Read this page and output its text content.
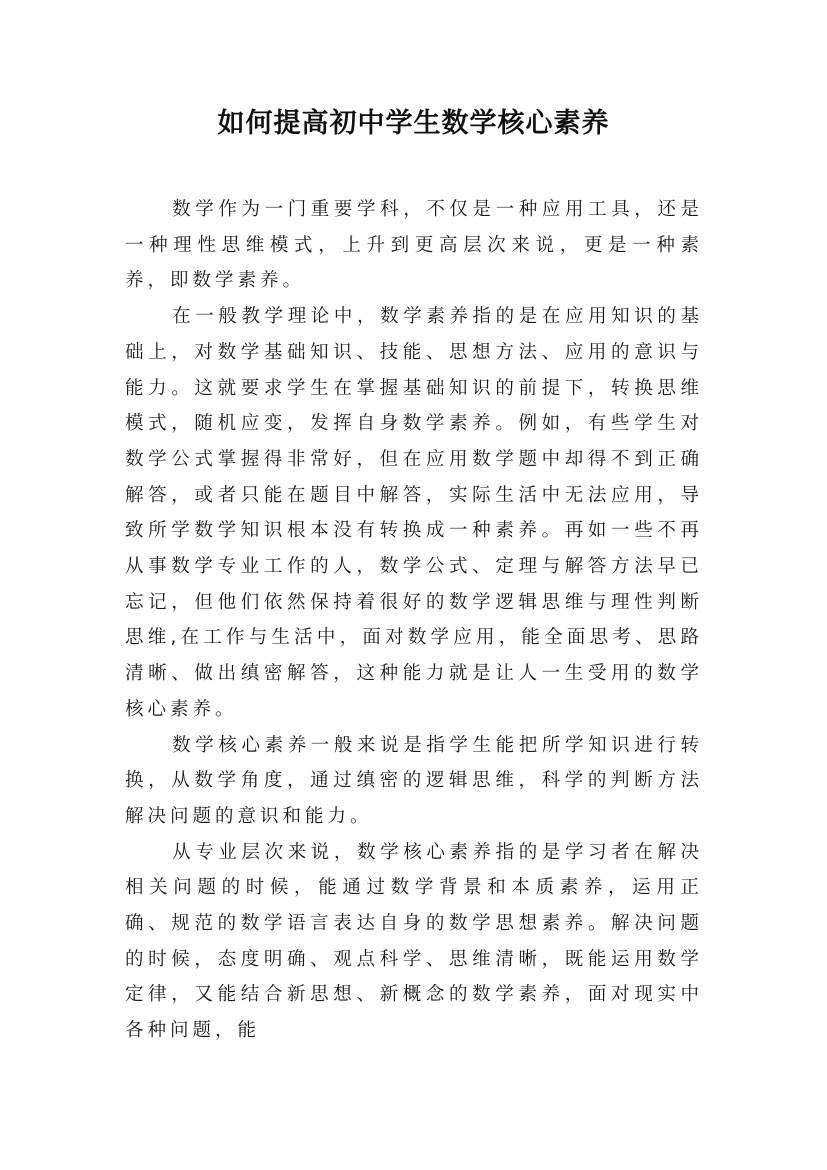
如何提高初中学生数学核心素养

数学作为一门重要学科，不仅是一种应用工具，还是一种理性思维模式，上升到更高层次来说，更是一种素养，即数学素养。

在一般教学理论中，数学素养指的是在应用知识的基础上，对数学基础知识、技能、思想方法、应用的意识与能力。这就要求学生在掌握基础知识的前提下，转换思维模式，随机应变，发挥自身数学素养。例如，有些学生对数学公式掌握得非常好，但在应用数学题中却得不到正确解答，或者只能在题目中解答，实际生活中无法应用，导致所学数学知识根本没有转换成一种素养。再如一些不再从事数学专业工作的人，数学公式、定理与解答方法早已忘记，但他们依然保持着很好的数学逻辑思维与理性判断思维,在工作与生活中，面对数学应用，能全面思考、思路清晰、做出缜密解答，这种能力就是让人一生受用的数学核心素养。

数学核心素养一般来说是指学生能把所学知识进行转换，从数学角度，通过缜密的逻辑思维，科学的判断方法解决问题的意识和能力。

从专业层次来说，数学核心素养指的是学习者在解决相关问题的时候，能通过数学背景和本质素养，运用正确、规范的数学语言表达自身的数学思想素养。解决问题的时候，态度明确、观点科学、思维清晰，既能运用数学定律，又能结合新思想、新概念的数学素养，面对现实中各种问题，能
